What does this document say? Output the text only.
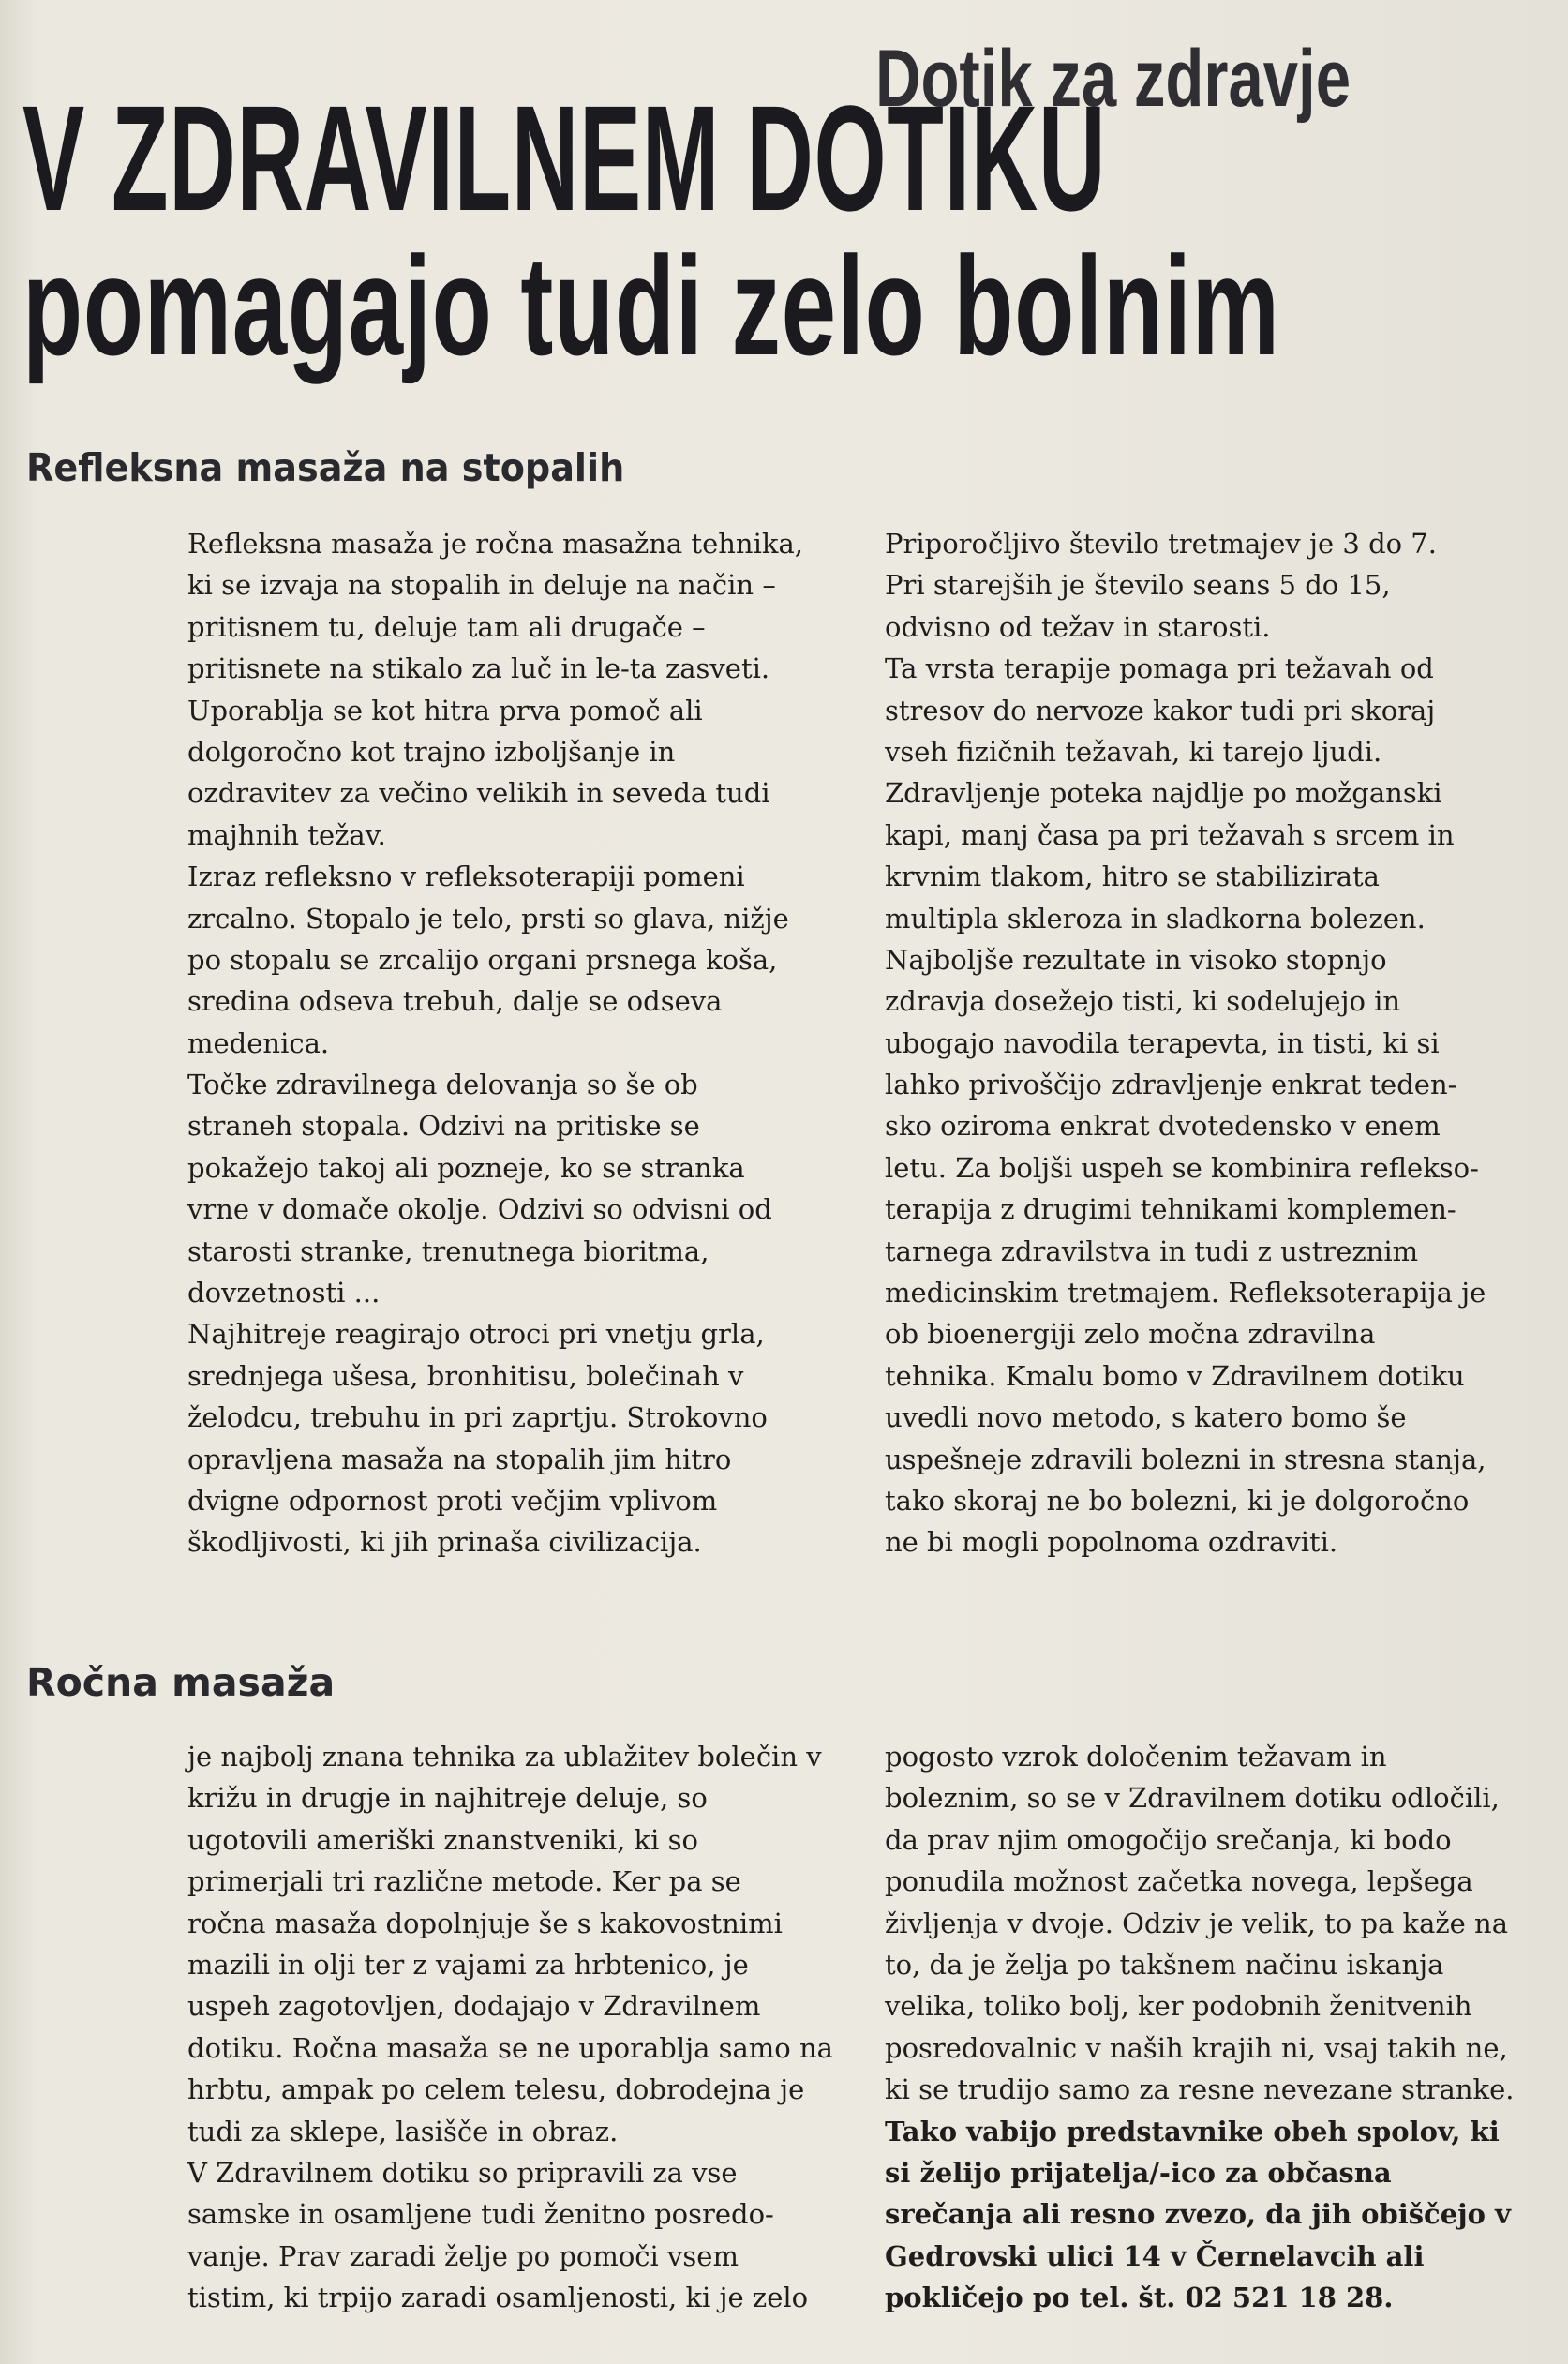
Dotik za zdravje
V ZDRAVILNEM DOTIKU
pomagajo tudi zelo bolnim
Refleksna masaža na stopalih

Refleksna masaža je ročna masažna tehnika,
ki se izvaja na stopalih in deluje na način –
pritisnem tu, deluje tam ali drugače –
pritisnete na stikalo za luč in le-ta zasveti.

Uporablja se kot hitra prva pomoč ali
dolgoročno kot trajno izboljšanje in
ozdravitev za večino velikih in seveda tudi
majhnih težav.

Izraz refleksno v refleksoterapiji pomeni
zrcalno. Stopalo je telo, prsti so glava, nižje
po stopalu se zrcalijo organi prsnega koša,
sredina odseva trebuh, dalje se odseva
medenica.

Točke zdravilnega delovanja so še ob
straneh stopala. Odzivi na pritiske se
pokažejo takoj ali pozneje, ko se stranka
vrne v domače okolje. Odzivi so odvisni od
starosti stranke, trenutnega bioritma,
dovzetnosti ...

Najhitreje reagirajo otroci pri vnetju grla,
srednjega ušesa, bronhitisu, bolečinah v
želodcu, trebuhu in pri zaprtju. Strokovno
opravljena masaža na stopalih jim hitro
dvigne odpornost proti večjim vplivom
škodljivosti, ki jih prinaša civilizacija.

Priporočljivo število tretmajev je 3 do 7.
Pri starejših je število seans 5 do 15,
odvisno od težav in starosti.

Ta vrsta terapije pomaga pri težavah od
stresov do nervoze kakor tudi pri skoraj
vseh fizičnih težavah, ki tarejo ljudi.
Zdravljenje poteka najdlje po možganski
kapi, manj časa pa pri težavah s srcem in
krvnim tlakom, hitro se stabilizirata
multipla skleroza in sladkorna bolezen.
Najboljše rezultate in visoko stopnjo
zdravja dosežejo tisti, ki sodelujejo in
ubogajo navodila terapevta, in tisti, ki si
lahko privoščijo zdravljenje enkrat teden-
sko oziroma enkrat dvotedensko v enem
letu. Za boljši uspeh se kombinira reflekso-
terapija z drugimi tehnikami komplemen-
tarnega zdravilstva in tudi z ustreznim
medicinskim tretmajem. Refleksoterapija je
ob bioenergiji zelo močna zdravilna
tehnika. Kmalu bomo v Zdravilnem dotiku
uvedli novo metodo, s katero bomo še
uspešneje zdravili bolezni in stresna stanja,
tako skoraj ne bo bolezni, ki je dolgoročno
ne bi mogli popolnoma ozdraviti.

Ročna masaža

je najbolj znana tehnika za ublažitev bolečin v
križu in drugje in najhitreje deluje, so
ugotovili ameriški znanstveniki, ki so
primerjali tri različne metode. Ker pa se
ročna masaža dopolnjuje še s kakovostnimi
mazili in olji ter z vajami za hrbtenico, je
uspeh zagotovljen, dodajajo v Zdravilnem
dotiku. Ročna masaža se ne uporablja samo na
hrbtu, ampak po celem telesu, dobrodejna je
tudi za sklepe, lasišče in obraz.

V Zdravilnem dotiku so pripravili za vse
samske in osamljene tudi ženitno posredo-
vanje. Prav zaradi želje po pomoči vsem
tistim, ki trpijo zaradi osamljenosti, ki je zelo

pogosto vzrok določenim težavam in
boleznim, so se v Zdravilnem dotiku odločili,
da prav njim omogočijo srečanja, ki bodo
ponudila možnost začetka novega, lepšega
življenja v dvoje. Odziv je velik, to pa kaže na
to, da je želja po takšnem načinu iskanja
velika, toliko bolj, ker podobnih ženitvenih
posredovalnic v naših krajih ni, vsaj takih ne,
ki se trudijo samo za resne nevezane stranke.

Tako vabijo predstavnike obeh spolov, ki
si želijo prijatelja/-ico za občasna
srečanja ali resno zvezo, da jih obiščejo v
Gedrovski ulici 14 v Černelavcih ali
pokličejo po tel. št. 02 521 18 28.
